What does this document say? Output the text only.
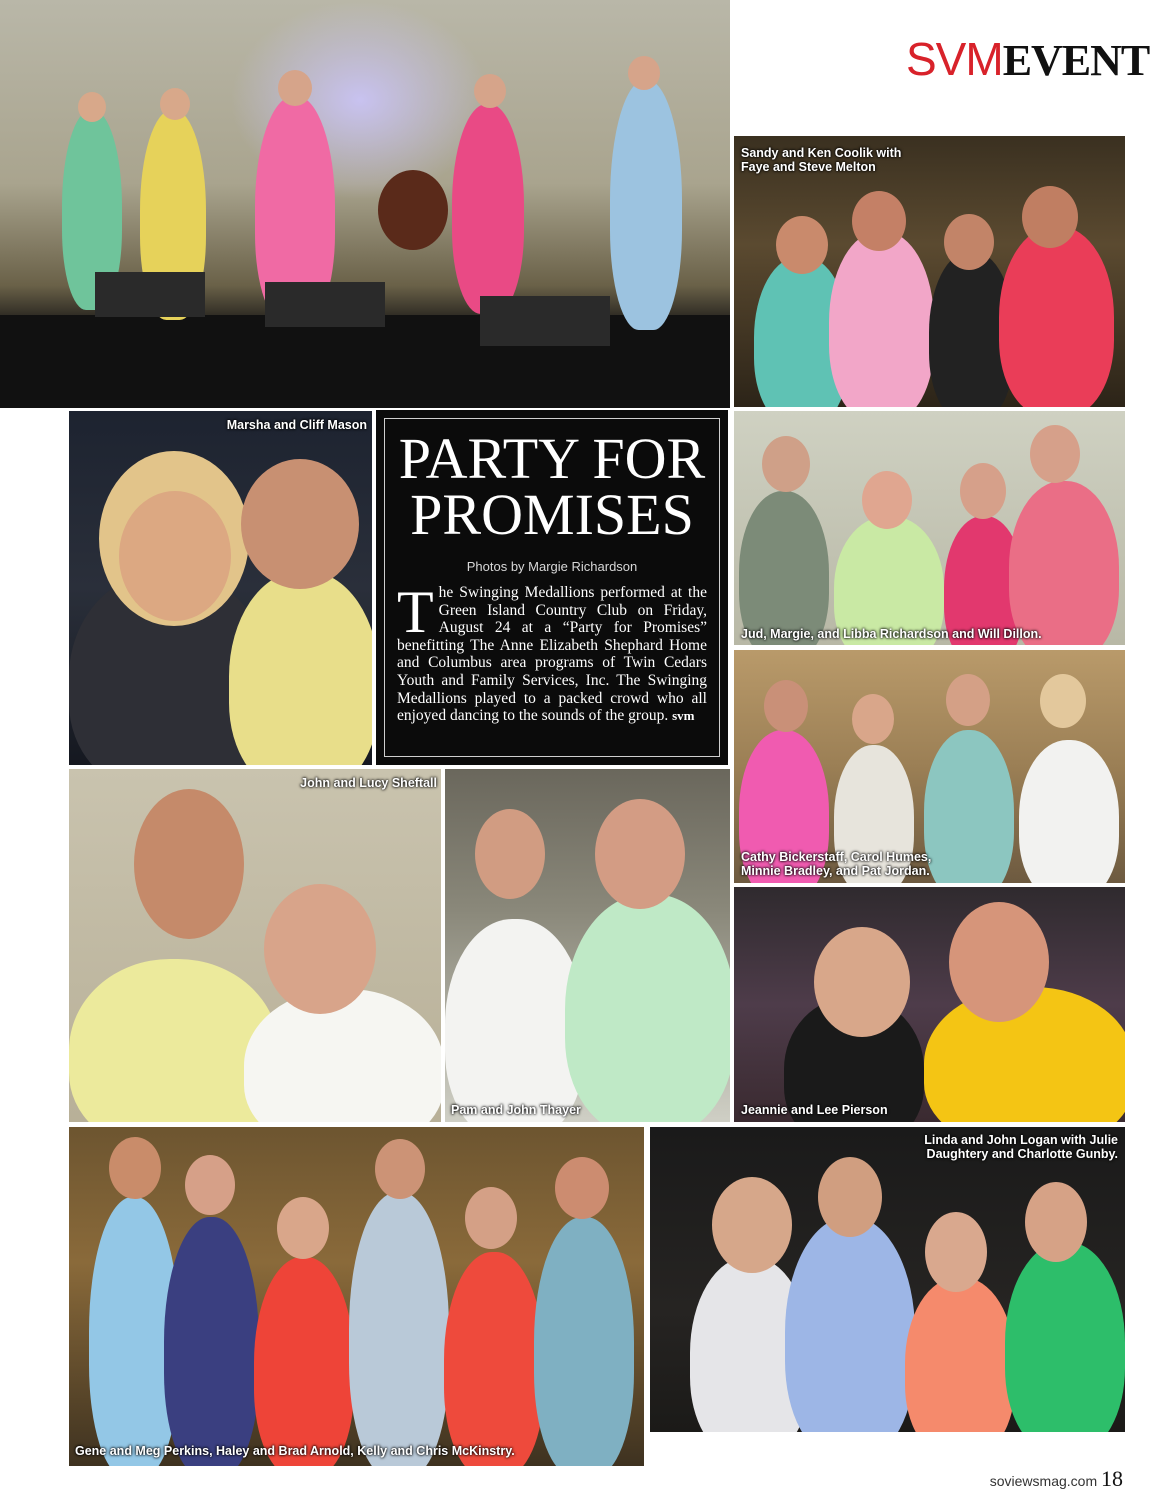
SVMEVENT
Sandy and Ken Coolik with
Faye and Steve Melton
Marsha and Cliff Mason
PARTY FOR
PROMISES
Photos by Margie Richardson
The Swinging Medallions performed at the Green Island Country Club on Friday, August 24 at a “Party for Promises” benefitting The Anne Elizabeth Shephard Home and Columbus area programs of Twin Cedars Youth and Family Services, Inc. The Swinging Medallions played to a packed crowd who all enjoyed dancing to the sounds of the group. svm
Jud, Margie, and Libba Richardson and Will Dillon.
Cathy Bickerstaff, Carol Humes,
Minnie Bradley, and Pat Jordan.
John and Lucy Sheftall
Pam and John Thayer	Jeannie and Lee Pierson
Gene and Meg Perkins, Haley and Brad Arnold, Kelly and Chris McKinstry.
Linda and John Logan with Julie
Daughtery and Charlotte Gunby.
soviewsmag.com 18
